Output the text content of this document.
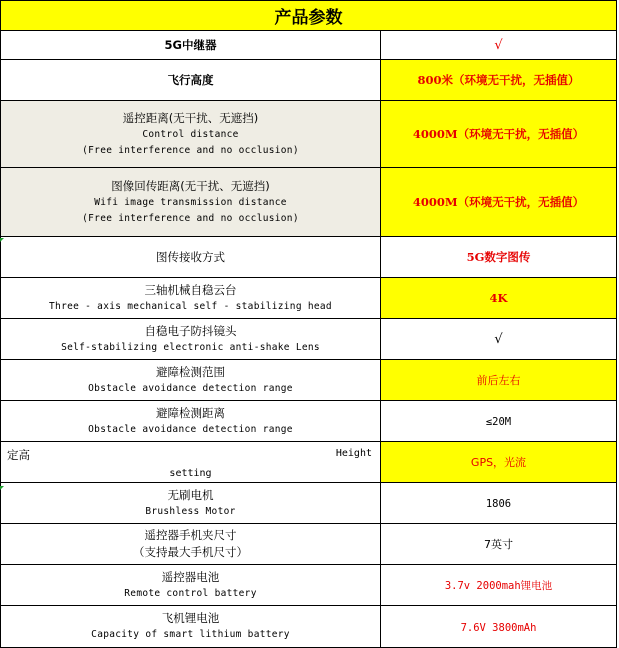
产品参数	

5G中继器	√

飞行高度	800米（环境无干扰，无插值）

遥控距离(无干扰、无遮挡)
Control distance
(Free interference and no occlusion)	4000M（环境无干扰，无插值）

图像回传距离(无干扰、无遮挡)
Wifi image transmission distance
(Free interference and no occlusion)	4000M（环境无干扰，无插值）

图传接收方式	5G数字图传

三轴机械自稳云台
Three - axis mechanical self - stabilizing head	4K

自稳电子防抖镜头
Self-stabilizing electronic anti-shake Lens	√

避障检测范围
Obstacle avoidance detection range	前后左右

避障检测距离
Obstacle avoidance detection range	≤20M

定高 Height
setting	GPS，光流

无刷电机
Brushless Motor	1806

遥控器手机夹尺寸
（支持最大手机尺寸）	7英寸

遥控器电池
Remote control battery	3.7v 2000mah锂电池

飞机锂电池
Capacity of smart lithium battery	7.6V 3800mAh
